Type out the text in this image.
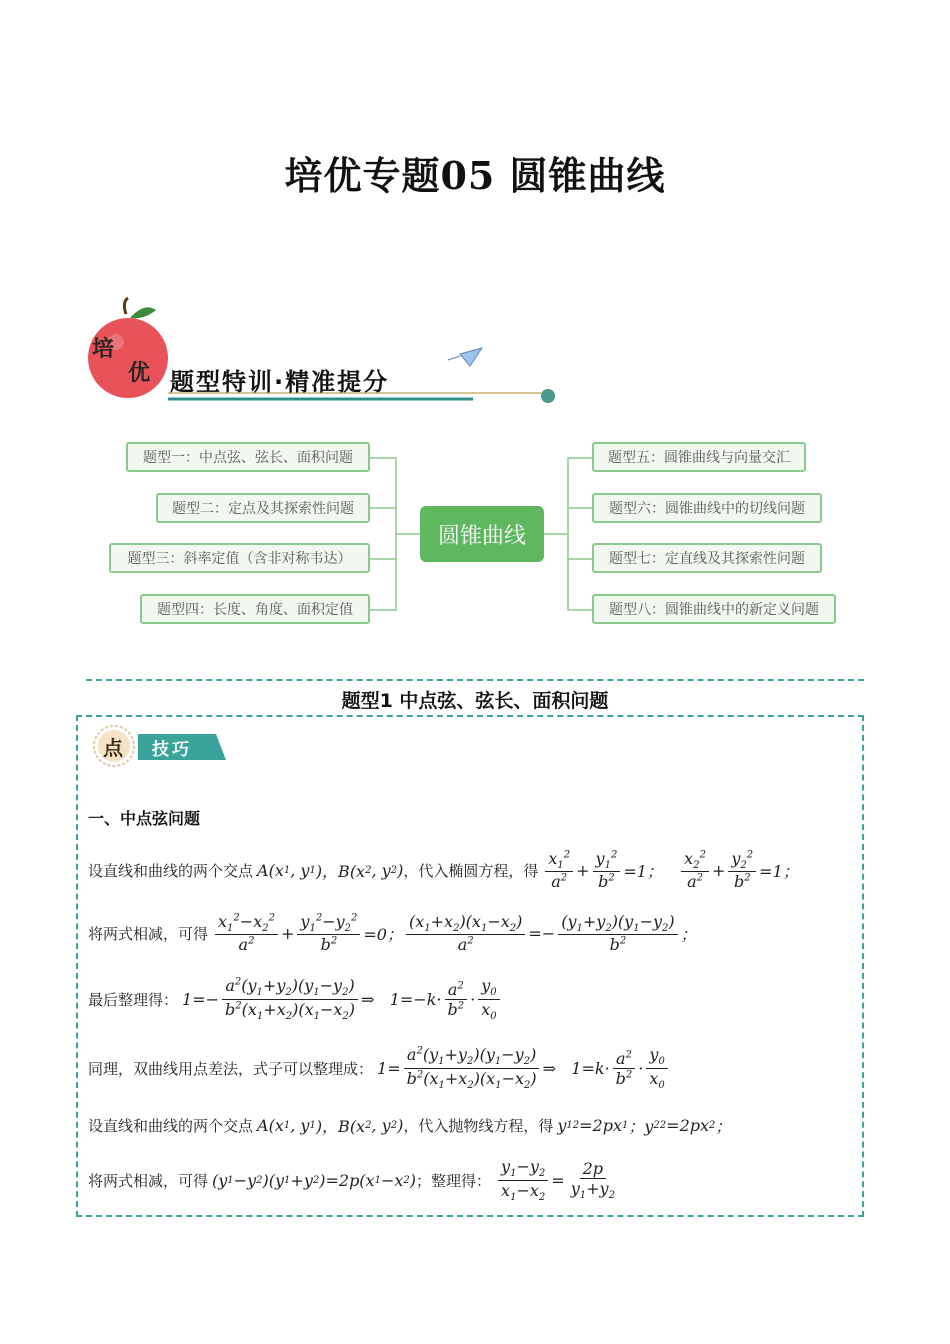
培优专题05 圆锥曲线
培
优 题型特训·精准提分
圆锥曲线
题型一：中点弦、弦长、面积问题
题型二：定点及其探索性问题
题型三：斜率定值（含非对称韦达）
题型四：长度、角度、面积定值
题型五：圆锥曲线与向量交汇
题型六：圆锥曲线中的切线问题
题型七：定直线及其探索性问题
题型八：圆锥曲线中的新定义问题
题型1 中点弦、弦长、面积问题
点 技巧
一、中点弦问题
设直线和曲线的两个交点 A(x 1 , y 1 )，B(x 2 , y 2 ) ，代入椭圆方程，得 $\frac{x_1^2}{a^2} + \frac{y_1^2}{b^2} =1$； $\frac{x_2^2}{a^2} + \frac{y_2^2}{b^2} =1$；
将两式相减，可得 $\frac{x_1^2-x_2^2}{a^2} + \frac{y_1^2-y_2^2}{b^2} =0$； $\frac{(x_1+x_2)(x_1-x_2)}{a^2} =- \frac{(y_1+y_2)(y_1-y_2)}{b^2}$ ；
最后整理得： $1=- \frac{a^2(y_1+y_2)(y_1-y_2)}{b^2(x_1+x_2)(x_1-x_2)}$ ⇒   $1=-k\cdot \frac{a^2}{b^2} \cdot \frac{y_0}{x_0}$
同理，双曲线用点差法，式子可以整理成： $1= \frac{a^2(y_1+y_2)(y_1-y_2)}{b^2(x_1+x_2)(x_1-x_2)}$ ⇒   $1=k\cdot \frac{a^2}{b^2} \cdot \frac{y_0}{x_0}$
设直线和曲线的两个交点 A(x 1 , y 1 )，B(x 2 , y 2 ) ，代入抛物线方程，得 y 1 2 =2px 1 ；y 2 2 =2px 2 ；
将两式相减，可得 (y 1 −y 2 )(y 1 +y 2 )=2p(x 1 −x 2 ) ；整理得： $\frac{y_1-y_2}{x_1-x_2} = \frac{2p}{y_1+y_2}$
